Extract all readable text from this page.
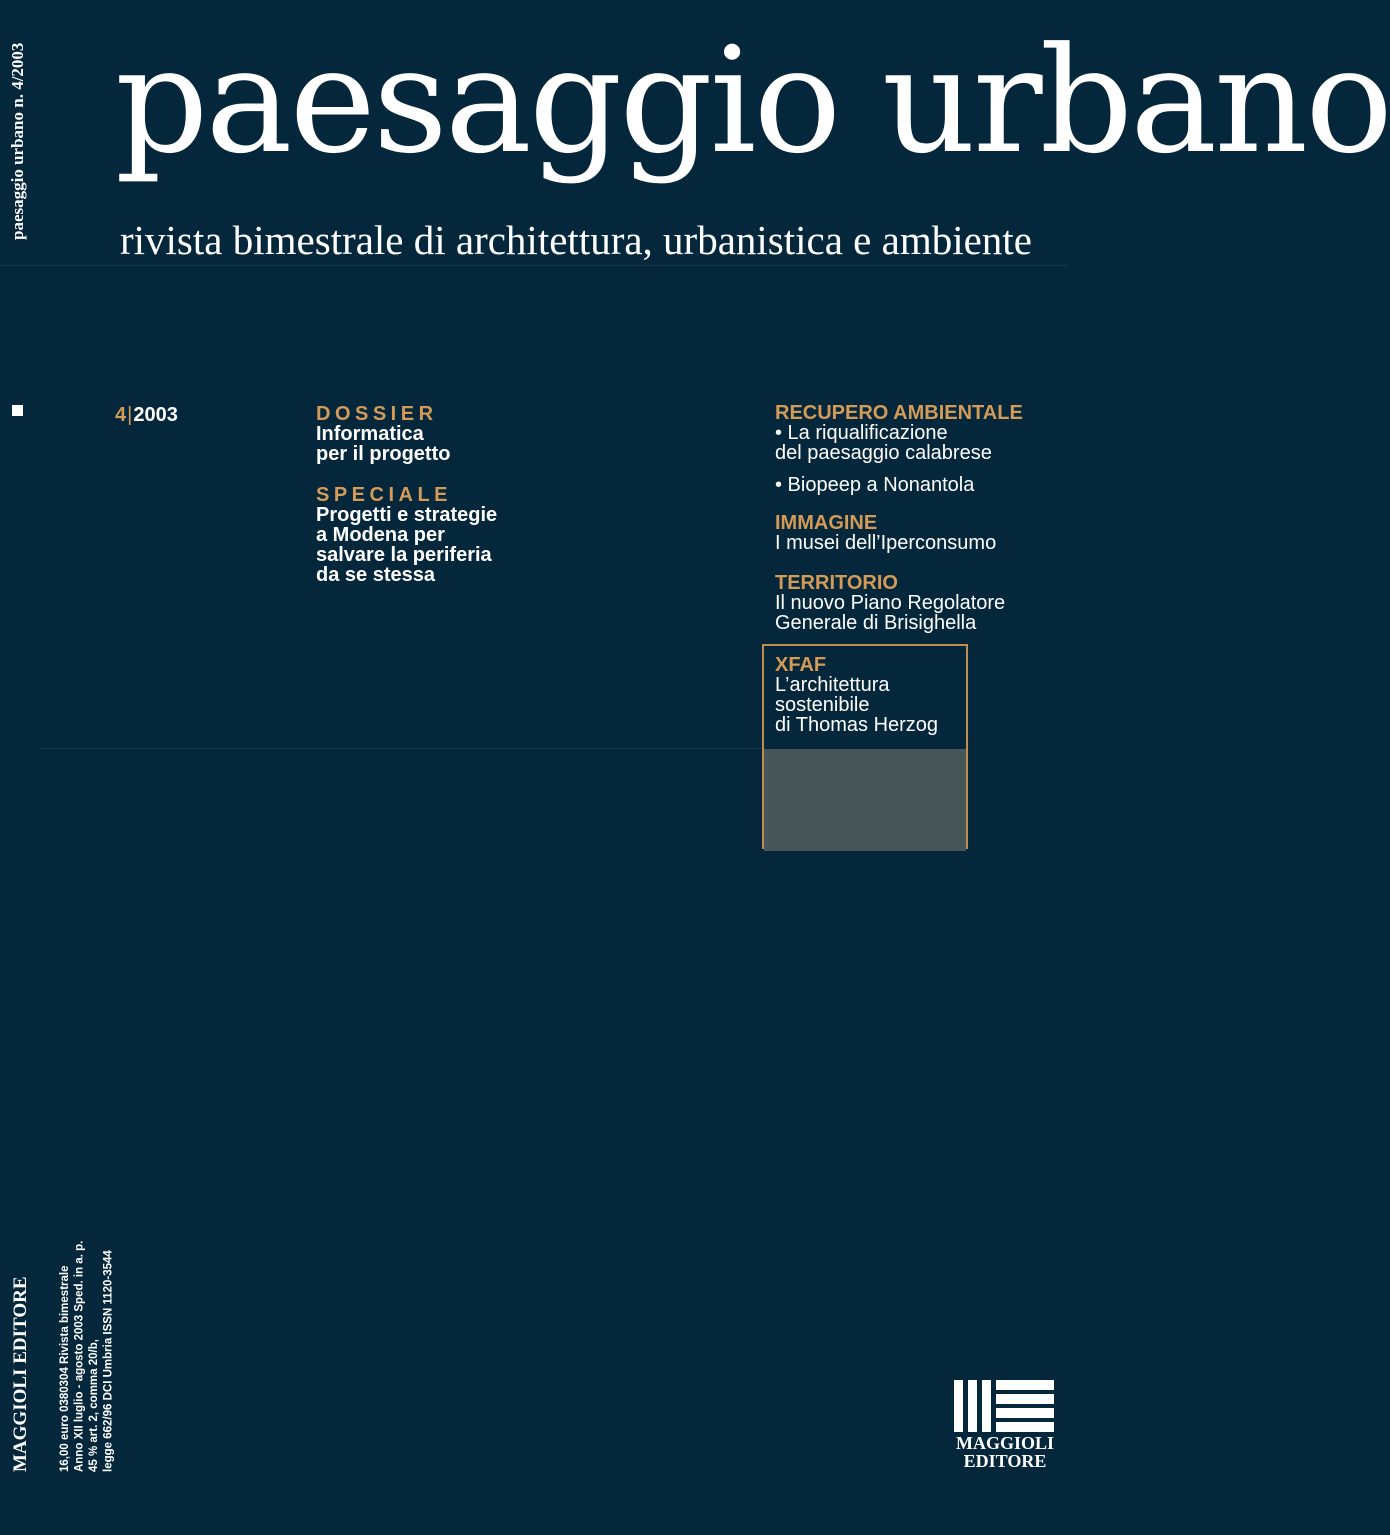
paesaggio urbano n. 4/2003 paesaggio urbano
rivista bimestrale di architettura, urbanistica e ambiente
4|2003	DOSSIER
Informatica
per il progetto
SPECIALE
Progetti e strategie
a Modena per
salvare la periferia
da se stessa
RECUPERO AMBIENTALE
• La riqualificazione
del paesaggio calabrese
• Biopeep a Nonantola
IMMAGINE
I musei dell’Iperconsumo
TERRITORIO
Il nuovo Piano Regolatore
Generale di Brisighella
XFAF
L’architettura
sostenibile
di Thomas Herzog
MAGGIOLI EDITORE 16,00 euro 0380304 Rivista bimestrale Anno XII luglio - agosto 2003 Sped. in a. p. 45 % art. 2, comma 20/b, legge 662/96 DCI Umbria ISSN 1120-3544	MAGGIOLI
EDITORE
